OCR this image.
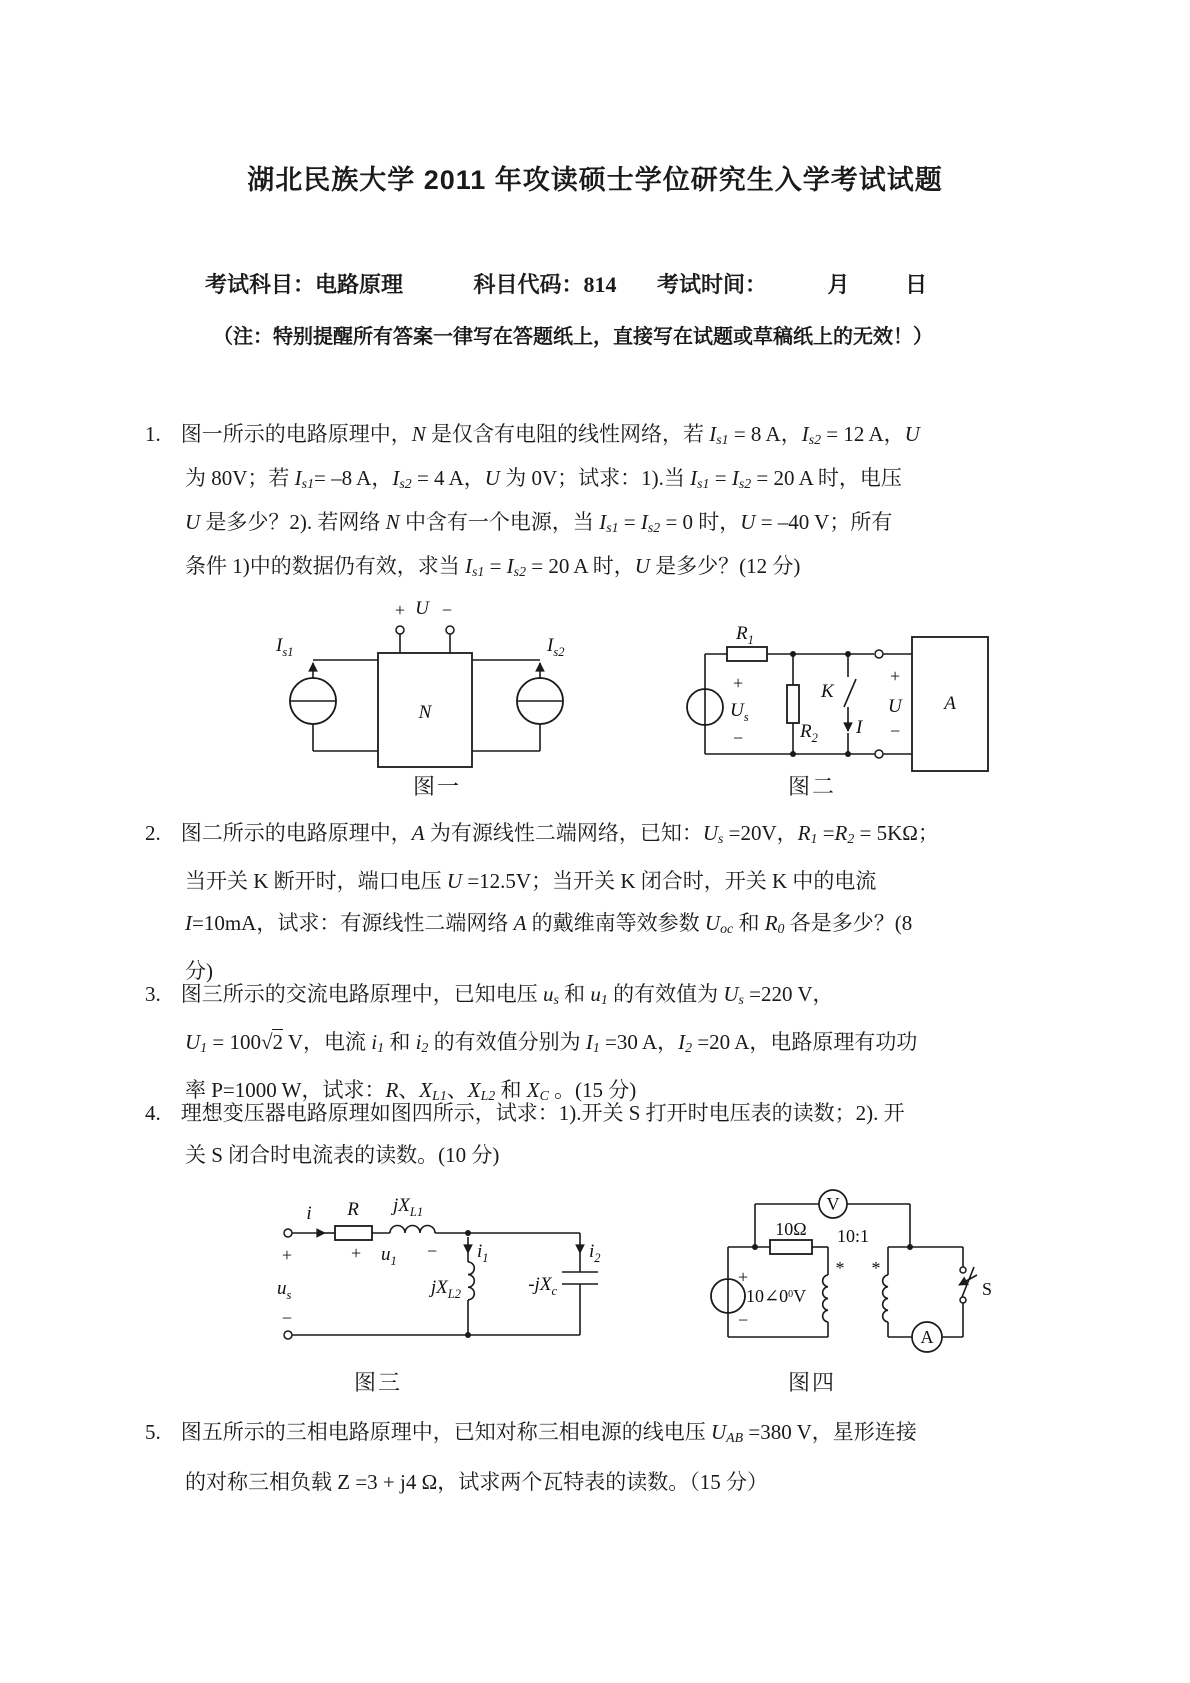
湖北民族大学 2011 年攻读硕士学位研究生入学考试试题
考试科目：电路原理	科目代码：814 考试时间：	月	日
（注：特别提醒所有答案一律写在答题纸上，直接写在试题或草稿纸上的无效！）
1. 图一所示的电路原理中，N 是仅含有电阻的线性网络，若 Is1 = 8 A，Is2 = 12 A，U
为 80V；若 Is1= –8 A，Is2 = 4 A，U 为 0V；试求：1).当 Is1 = Is2 = 20 A 时，电压
U 是多少？2). 若网络 N 中含有一个电源，当 Is1 = Is2 = 0 时，U = –40 V；所有
条件 1)中的数据仍有效，求当 Is1 = Is2 = 20 A 时，U 是多少？(12 分)
+ U −
N
$I_{s1}$	$I_{s2}$
图一
+
$U_s$
−
$R_1$
$R_2$
K
I
+
U
−
A
图二
2. 图二所示的电路原理中，A 为有源线性二端网络，已知：Us =20V，R1 =R2 = 5KΩ；
当开关 K 断开时，端口电压 U =12.5V；当开关 K 闭合时，开关 K 中的电流
I=10mA，试求：有源线性二端网络 A 的戴维南等效参数 Uoc 和 R0 各是多少？(8
分)
3. 图三所示的交流电路原理中，已知电压 us 和 u1 的有效值为 Us =220 V，
U1 = 100√2 V，电流 i1 和 i2 的有效值分别为 I1 =30 A，I2 =20 A，电路原理有功功
率 P=1000 W，试求：R、XL1、XL2 和 XC 。(15 分)
4. 理想变压器电路原理如图四所示，试求：1).开关 S 打开时电压表的读数；2). 开
关 S 闭合时电流表的读数。(10 分)
+
$u_s$
−
i R
+
$jX_{L1}$
$u_1 - i_1$
$jX_{L2}$
$i_2$
$-jX_c$
图三
V
10Ω
+
−
$10\angle 0^0V$
10:1
* *
S
A
图四
5. 图五所示的三相电路原理中，已知对称三相电源的线电压 UAB =380 V，星形连接
的对称三相负载 Z =3 + j4 Ω，试求两个瓦特表的读数。（15 分）
